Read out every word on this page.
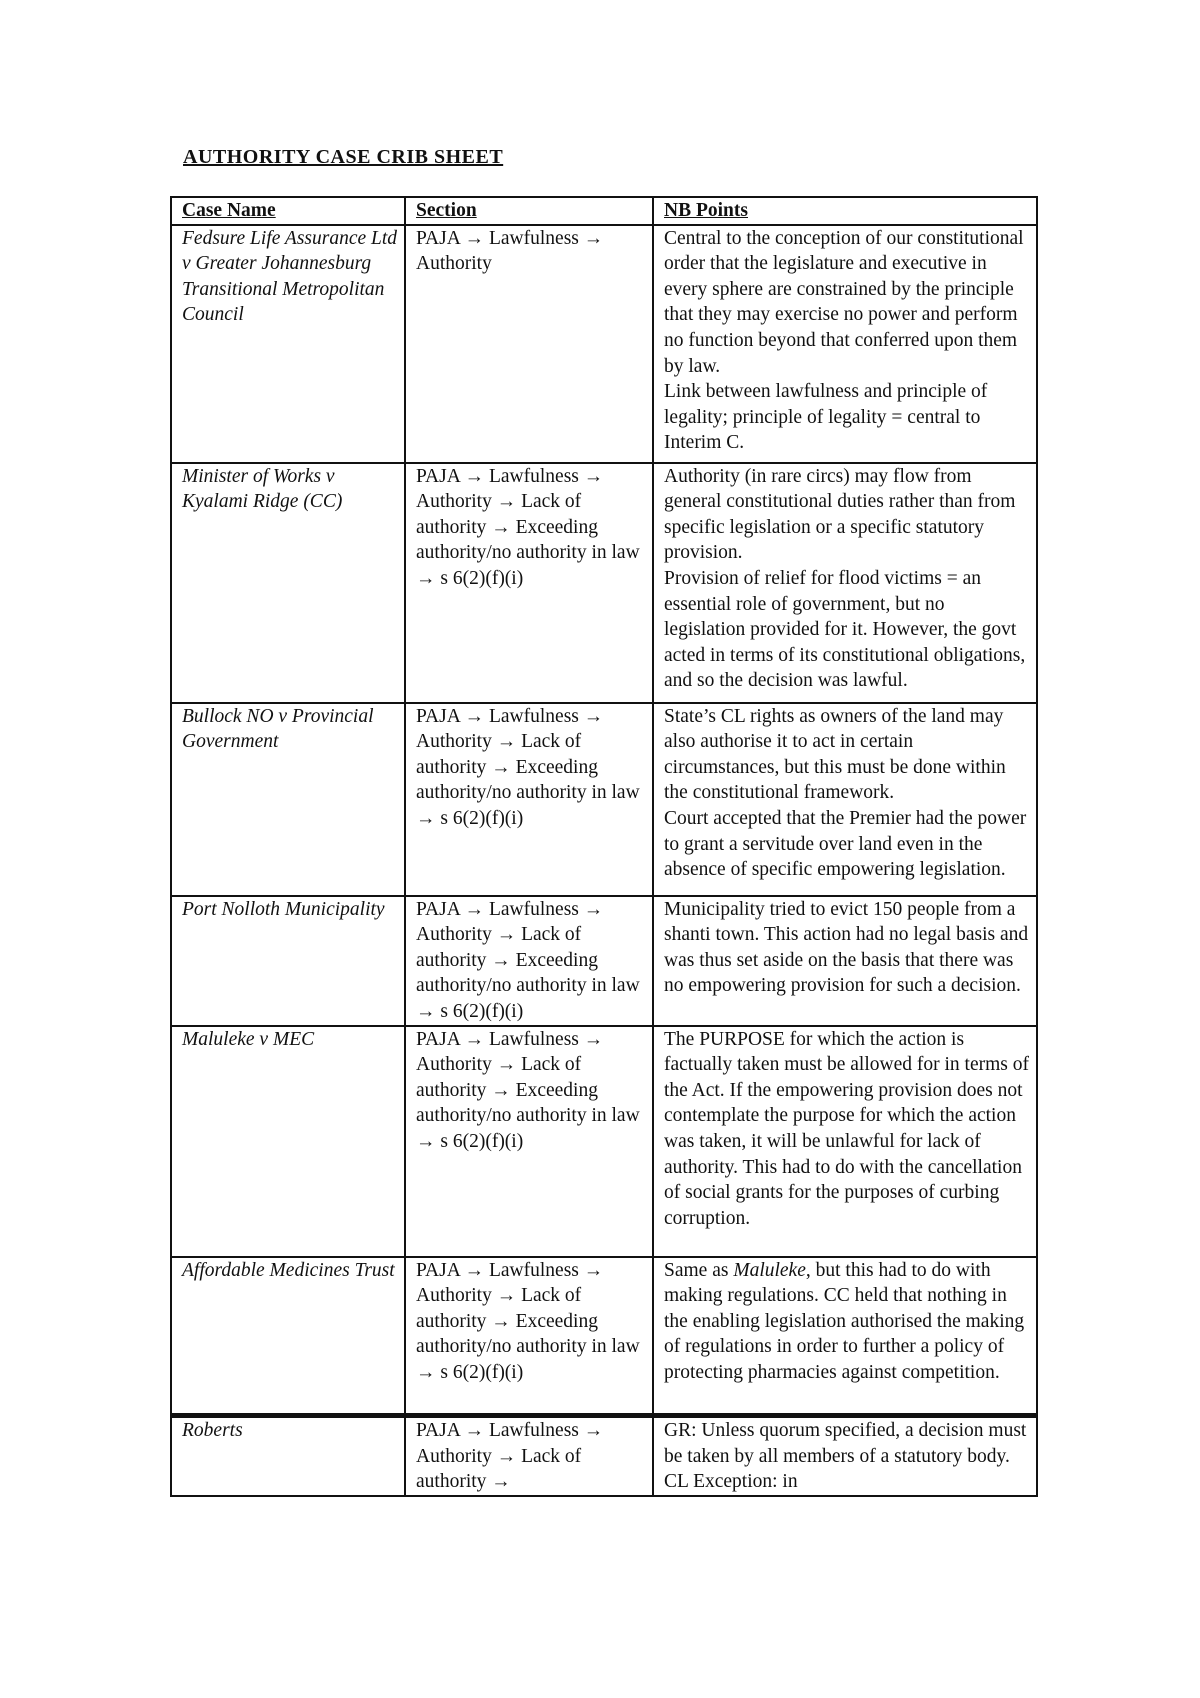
AUTHORITY CASE CRIB SHEET
Case Name	Section	NB Points
Fedsure Life Assurance Ltd v Greater Johannesburg Transitional Metropolitan Council	PAJA → Lawfulness → Authority	Central to the conception of our constitutional order that the legislature and executive in every sphere are constrained by the principle that they may exercise no power and perform no function beyond that conferred upon them by law.

Link between lawfulness and principle of legality; principle of legality = central to Interim C.

Minister of Works v Kyalami Ridge (CC)	PAJA → Lawfulness → Authority → Lack of authority → Exceeding authority/no authority in law → s 6(2)(f)(i)	Authority (in rare circs) may flow from general constitutional duties rather than from specific legislation or a specific statutory provision.

Provision of relief for flood victims = an essential role of government, but no legislation provided for it. However, the govt acted in terms of its constitutional obligations, and so the decision was lawful.

Bullock NO v Provincial Government	PAJA → Lawfulness → Authority → Lack of authority → Exceeding authority/no authority in law → s 6(2)(f)(i)	State’s CL rights as owners of the land may also authorise it to act in certain circumstances, but this must be done within the constitutional framework.

Court accepted that the Premier had the power to grant a servitude over land even in the absence of specific empowering legislation.

Port Nolloth Municipality	PAJA → Lawfulness → Authority → Lack of authority → Exceeding authority/no authority in law → s 6(2)(f)(i)	Municipality tried to evict 150 people from a shanti town. This action had no legal basis and was thus set aside on the basis that there was no empowering provision for such a decision.

Maluleke v MEC	PAJA → Lawfulness → Authority → Lack of authority → Exceeding authority/no authority in law → s 6(2)(f)(i)	The PURPOSE for which the action is factually taken must be allowed for in terms of the Act. If the empowering provision does not contemplate the purpose for which the action was taken, it will be unlawful for lack of authority. This had to do with the cancellation of social grants for the purposes of curbing corruption.

Affordable Medicines Trust	PAJA → Lawfulness → Authority → Lack of authority → Exceeding authority/no authority in law → s 6(2)(f)(i)	Same as Maluleke, but this had to do with making regulations. CC held that nothing in the enabling legislation authorised the making of regulations in order to further a policy of protecting pharmacies against competition.

Roberts	PAJA → Lawfulness → Authority → Lack of authority →	GR: Unless quorum specified, a decision must be taken by all members of a statutory body. CL Exception: in
